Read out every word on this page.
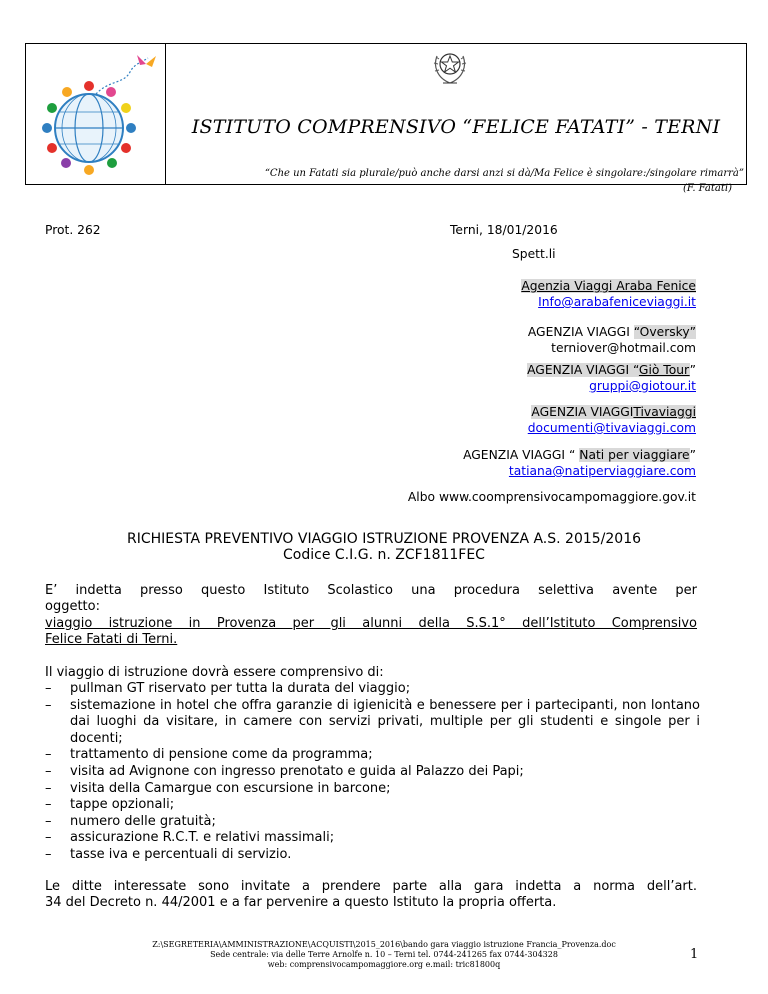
ISTITUTO COMPRENSIVO “FELICE FATATI” - TERNI
“Che un Fatati sia plurale/può anche darsi anzi si dà/Ma Felice è singolare:/singolare rimarrà”
(F. Fatati)
Prot. 262	Terni, 18/01/2016
Spett.li
Agenzia Viaggi Araba Fenice
Info@arabafeniceviaggi.it
AGENZIA VIAGGI “Oversky”
terniover@hotmail.com
AGENZIA VIAGGI “Giò Tour”
gruppi@giotour.it
AGENZIA VIAGGITivaviaggi
documenti@tivaviaggi.com
AGENZIA VIAGGI “ Nati per viaggiare”
tatiana@natiperviaggiare.com
Albo www.coomprensivocampomaggiore.gov.it
RICHIESTA PREVENTIVO VIAGGIO ISTRUZIONE PROVENZA A.S. 2015/2016
Codice C.I.G. n. ZCF1811FEC
E’ indetta presso questo Istituto Scolastico una procedura selettiva avente per
oggetto:
viaggio istruzione in Provenza per gli alunni della S.S.1° dell’Istituto Comprensivo
Felice Fatati di Terni.
Il viaggio di istruzione dovrà essere comprensivo di:
– pullman GT riservato per tutta la durata del viaggio;
– sistemazione in hotel che offra garanzie di igienicità e benessere per i partecipanti, non lontano dai luoghi da visitare, in camere con servizi privati, multiple per gli studenti e singole per i docenti;
– trattamento di pensione come da programma;
– visita ad Avignone con ingresso prenotato e guida al Palazzo dei Papi;
– visita della Camargue con escursione in barcone;
– tappe opzionali;
– numero delle gratuità;
– assicurazione R.C.T. e relativi massimali;
– tasse iva e percentuali di servizio.
Le ditte interessate sono invitate a prendere parte alla gara indetta a norma dell’art.
34 del Decreto n. 44/2001 e a far pervenire a questo Istituto la propria offerta.
Z:\SEGRETERIA\AMMINISTRAZIONE\ACQUISTI\2015_2016\bando gara viaggio istruzione Francia_Provenza.doc
Sede centrale: via delle Terre Arnolfe n. 10 – Terni tel. 0744-241265 fax 0744-304328
web: comprensivocampomaggiore.org e.mail: tric81800q
1
